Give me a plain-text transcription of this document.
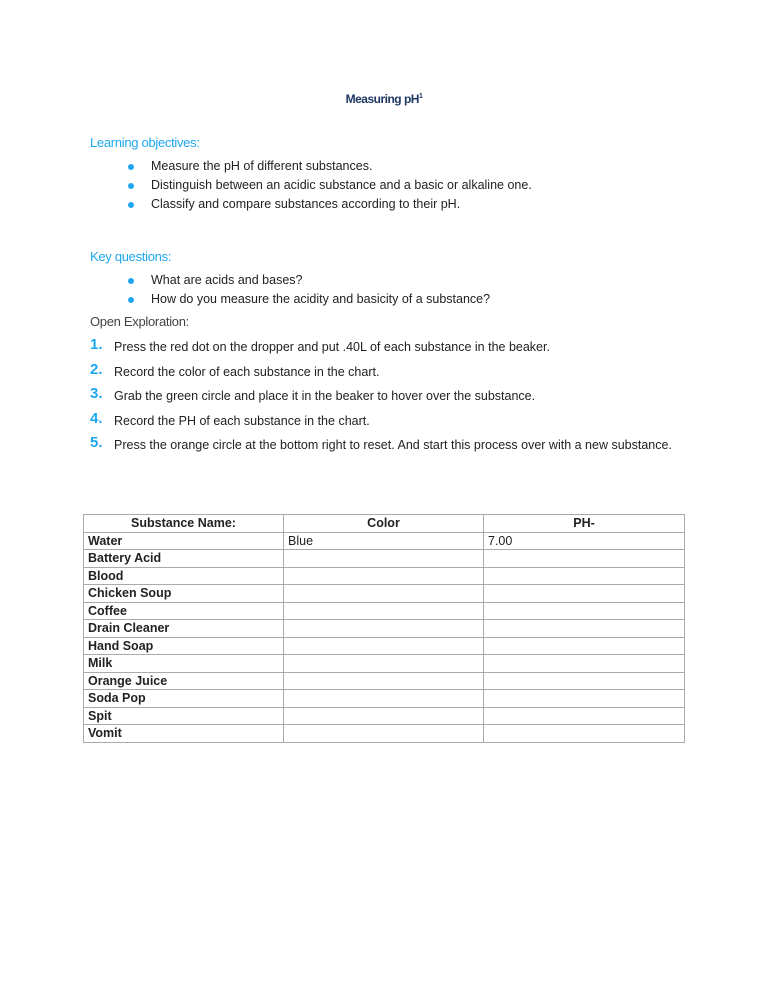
Measuring $pH^1$
Learning objectives:
Measure the pH of different substances.
Distinguish between an acidic substance and a basic or alkaline one.
Classify and compare substances according to their pH.
Key questions:
What are acids and bases?
How do you measure the acidity and basicity of a substance?
Open Exploration:
1. Press the red dot on the dropper and put .40L of each substance in the beaker.
2. Record the color of each substance in the chart.
3. Grab the green circle and place it in the beaker to hover over the substance.
4. Record the PH of each substance in the chart.
5. Press the orange circle at the bottom right to reset. And start this process over with a new substance.
Substance Name:	Color	PH-
Water	Blue	7.00
Battery Acid		
Blood		
Chicken Soup		
Coffee		
Drain Cleaner		
Hand Soap		
Milk		
Orange Juice		
Soda Pop		
Spit		
Vomit		
